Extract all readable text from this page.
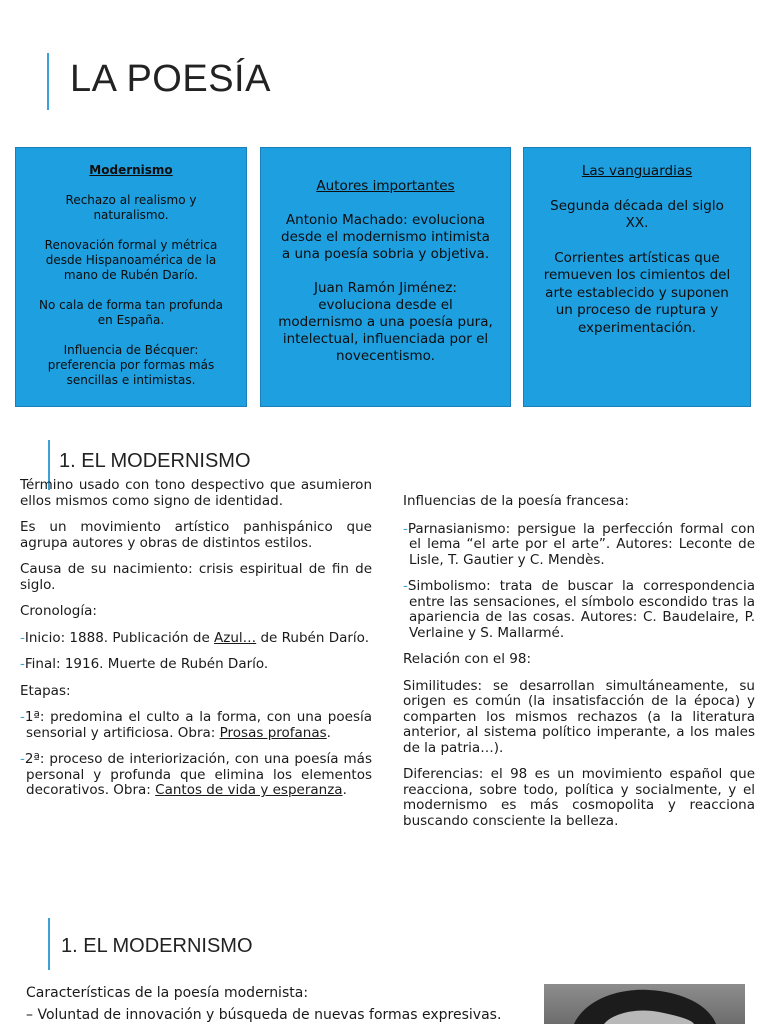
LA POESÍA
Modernismo

Rechazo al realismo y naturalismo.

Renovación formal y métrica desde Hispanoamérica de la mano de Rubén Darío.

No cala de forma tan profunda en España.

Influencia de Bécquer: preferencia por formas más sencillas e intimistas.

Autores importantes

Antonio Machado: evoluciona desde el modernismo intimista a una poesía sobria y objetiva.

Juan Ramón Jiménez: evoluciona desde el modernismo a una poesía pura, intelectual, influenciada por el novecentismo.

Las vanguardias

Segunda década del siglo XX.

Corrientes artísticas que remueven los cimientos del arte establecido y suponen un proceso de ruptura y experimentación.

1. EL MODERNISMO

Término usado con tono despectivo que asumieron ellos mismos como signo de identidad.

Es un movimiento artístico panhispánico que agrupa autores y obras de distintos estilos.

Causa de su nacimiento: crisis espiritual de fin de siglo.

Cronología:

-Inicio: 1888. Publicación de Azul… de Rubén Darío.

-Final: 1916. Muerte de Rubén Darío.

Etapas:

-1ª: predomina el culto a la forma, con una poesía sensorial y artificiosa. Obra: Prosas profanas.

-2ª: proceso de interiorización, con una poesía más personal y profunda que elimina los elementos decorativos. Obra: Cantos de vida y esperanza.

Influencias de la poesía francesa:

-Parnasianismo: persigue la perfección formal con el lema “el arte por el arte”. Autores: Leconte de Lisle, T. Gautier y C. Mendès.

-Simbolismo: trata de buscar la correspondencia entre las sensaciones, el símbolo escondido tras la apariencia de las cosas. Autores: C. Baudelaire, P. Verlaine y S. Mallarmé.

Relación con el 98:

Similitudes: se desarrollan simultáneamente, su origen es común (la insatisfacción de la época) y comparten los mismos rechazos (a la literatura anterior, al sistema político imperante, a los males de la patria…).

Diferencias: el 98 es un movimiento español que reacciona, sobre todo, política y socialmente, y el modernismo es más cosmopolita y reacciona buscando consciente la belleza.

1. EL MODERNISMO

Características de la poesía modernista:

– Voluntad de innovación y búsqueda de nuevas formas expresivas.
